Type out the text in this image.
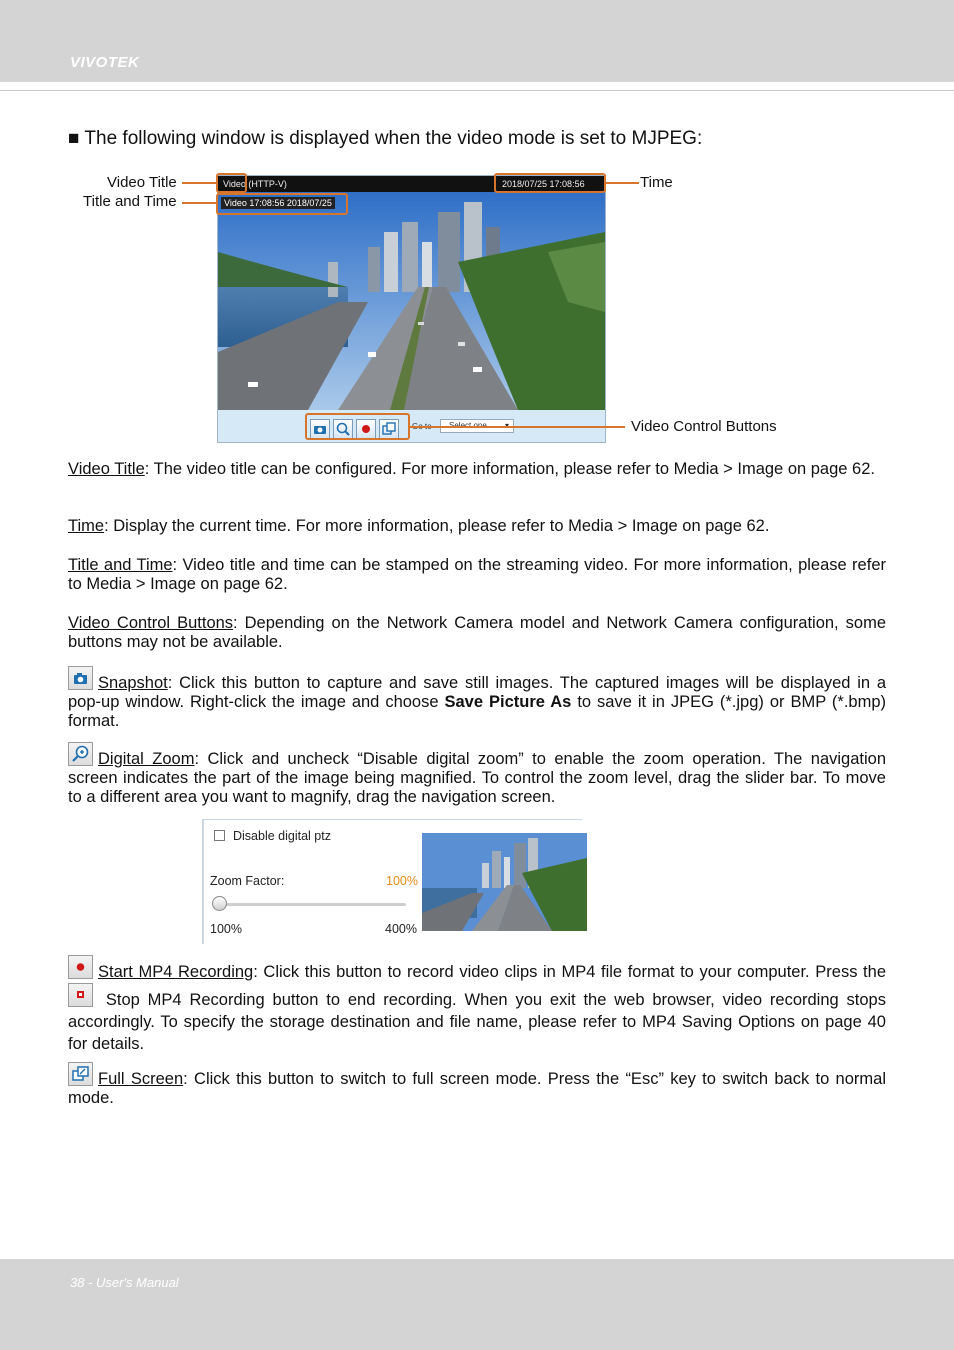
VIVOTEK
■ The following window is displayed when the video mode is set to MJPEG:
Video Title
Title and Time
Time
Video Control Buttons
Video (HTTP-V)	2018/07/25 17:08:56
Video 17:08:56 2018/07/25
Video Title: The video title can be configured. For more information, please refer to Media > Image on page 62.
Time: Display the current time. For more information, please refer to Media > Image on page 62.
Title and Time: Video title and time can be stamped on the streaming video. For more information, please refer to Media > Image on page 62.
Video Control Buttons: Depending on the Network Camera model and Network Camera configuration, some buttons may not be available.
Snapshot: Click this button to capture and save still images. The captured images will be displayed in a pop-up window. Right-click the image and choose Save Picture As to save it in JPEG (*.jpg) or BMP (*.bmp) format.
Digital Zoom: Click and uncheck “Disable digital zoom” to enable the zoom operation. The navigation screen indicates the part of the image being magnified. To control the zoom level, drag the slider bar. To move to a different area you want to magnify, drag the navigation screen.
Disable digital ptz
Zoom Factor:	100%
100%	400%
Start MP4 Recording: Click this button to record video clips in MP4 file format to your computer. Press the
Stop MP4 Recording button to end recording. When you exit the web browser, video recording stops accordingly. To specify the storage destination and file name, please refer to MP4 Saving Options on page 40 for details.
Full Screen: Click this button to switch to full screen mode. Press the “Esc” key to switch back to normal mode.
38 - User's Manual
